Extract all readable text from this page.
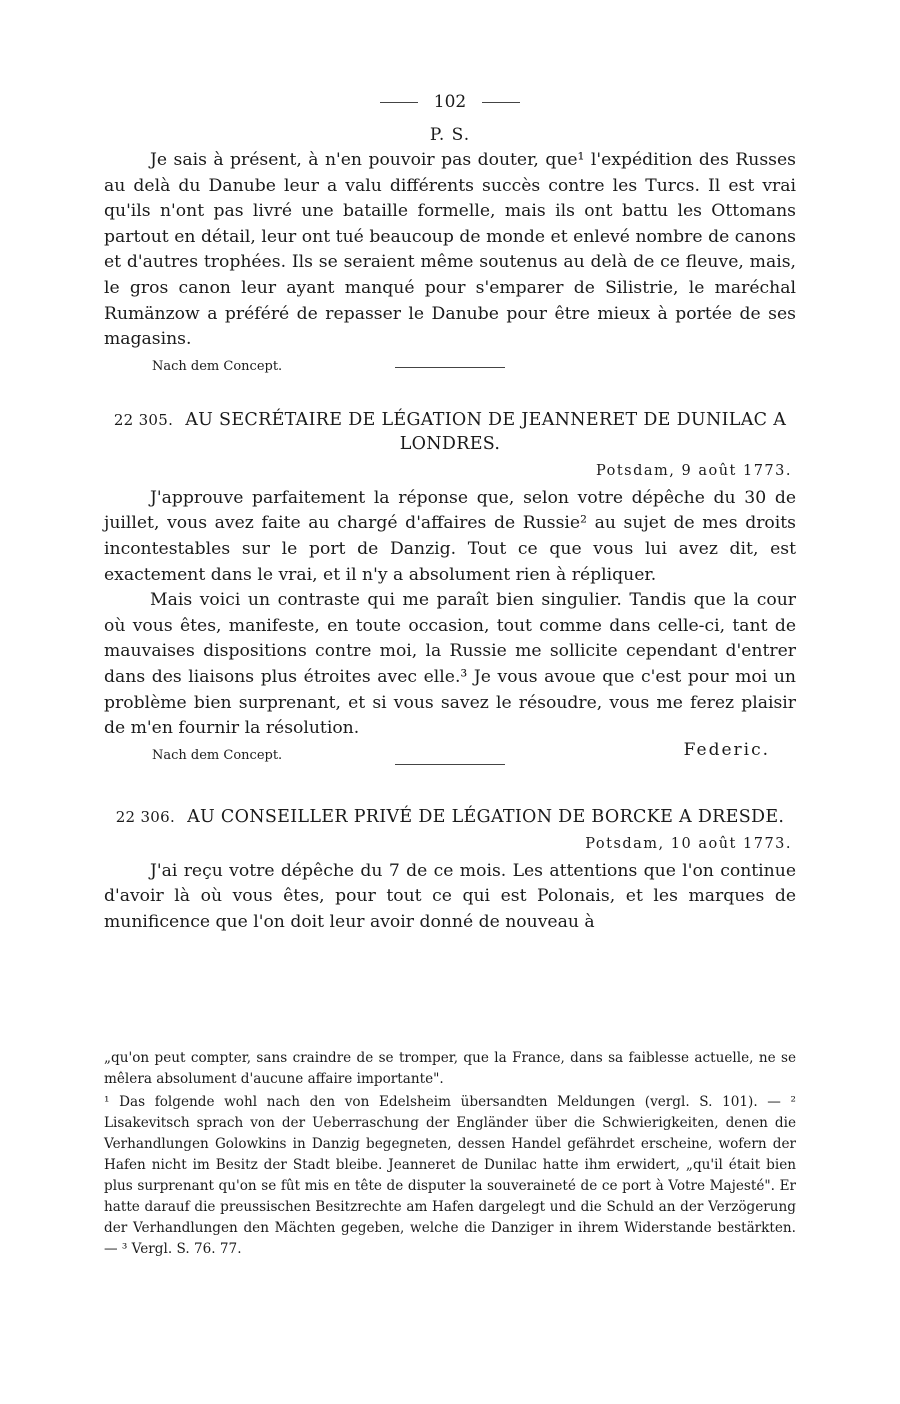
102
P. S.

Je sais à présent, à n'en pouvoir pas douter, que¹ l'expédition des Russes au delà du Danube leur a valu différents succès contre les Turcs. Il est vrai qu'ils n'ont pas livré une bataille formelle, mais ils ont battu les Ottomans partout en détail, leur ont tué beaucoup de monde et enlevé nombre de canons et d'autres trophées. Ils se seraient même soutenus au delà de ce fleuve, mais, le gros canon leur ayant manqué pour s'emparer de Silistrie, le maréchal Rumänzow a préféré de repasser le Danube pour être mieux à portée de ses magasins.

Nach dem Concept.
22 305. AU SECRÉTAIRE DE LÉGATION DE JEANNERET DE DUNILAC A LONDRES.
Potsdam, 9 août 1773.

J'approuve parfaitement la réponse que, selon votre dépêche du 30 de juillet, vous avez faite au chargé d'affaires de Russie² au sujet de mes droits incontestables sur le port de Danzig. Tout ce que vous lui avez dit, est exactement dans le vrai, et il n'y a absolument rien à répliquer.

Mais voici un contraste qui me paraît bien singulier. Tandis que la cour où vous êtes, manifeste, en toute occasion, tout comme dans celle-ci, tant de mauvaises dispositions contre moi, la Russie me sollicite cependant d'entrer dans des liaisons plus étroites avec elle.³ Je vous avoue que c'est pour moi un problème bien surprenant, et si vous savez le résoudre, vous me ferez plaisir de m'en fournir la résolution.

Nach dem Concept.	Federic.
22 306. AU CONSEILLER PRIVÉ DE LÉGATION DE BORCKE A DRESDE.
Potsdam, 10 août 1773.

J'ai reçu votre dépêche du 7 de ce mois. Les attentions que l'on continue d'avoir là où vous êtes, pour tout ce qui est Polonais, et les marques de munificence que l'on doit leur avoir donné de nouveau à

„qu'on peut compter, sans craindre de se tromper, que la France, dans sa faiblesse actuelle, ne se mêlera absolument d'aucune affaire importante".

¹ Das folgende wohl nach den von Edelsheim übersandten Meldungen (vergl. S. 101). — ² Lisakevitsch sprach von der Ueberraschung der Engländer über die Schwierigkeiten, denen die Verhandlungen Golowkins in Danzig begegneten, dessen Handel gefährdet erscheine, wofern der Hafen nicht im Besitz der Stadt bleibe. Jeanneret de Dunilac hatte ihm erwidert, „qu'il était bien plus surprenant qu'on se fût mis en tête de disputer la souveraineté de ce port à Votre Majesté". Er hatte darauf die preussischen Besitzrechte am Hafen dargelegt und die Schuld an der Verzögerung der Verhandlungen den Mächten gegeben, welche die Danziger in ihrem Widerstande bestärkten. — ³ Vergl. S. 76. 77.
